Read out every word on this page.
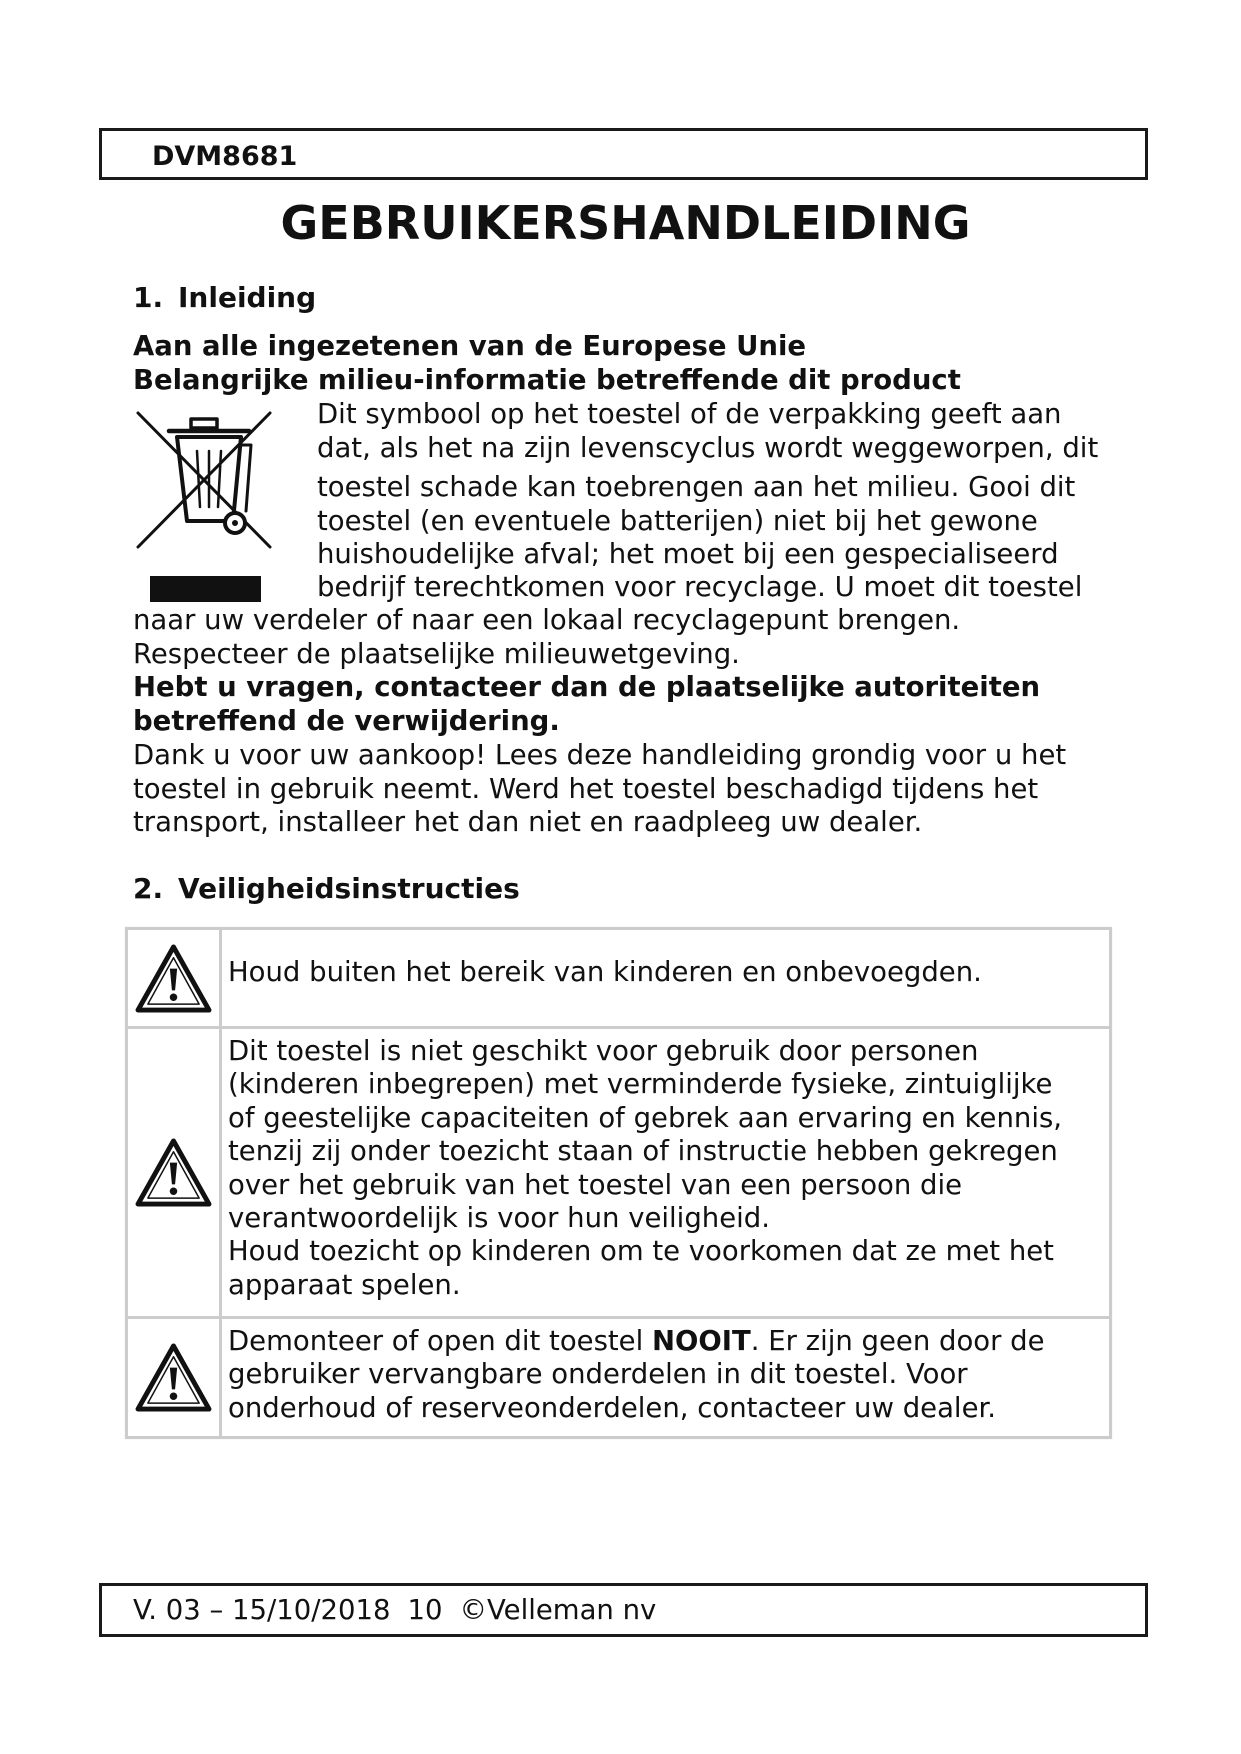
DVM8681
GEBRUIKERSHANDLEIDING
1. Inleiding
Aan alle ingezetenen van de Europese Unie
Belangrijke milieu-informatie betreffende dit product
Dit symbool op het toestel of de verpakking geeft aan
dat, als het na zijn levenscyclus wordt weggeworpen, dit
toestel schade kan toebrengen aan het milieu. Gooi dit
toestel (en eventuele batterijen) niet bij het gewone
huishoudelijke afval; het moet bij een gespecialiseerd
bedrijf terechtkomen voor recyclage. U moet dit toestel
naar uw verdeler of naar een lokaal recyclagepunt brengen.
Respecteer de plaatselijke milieuwetgeving.
Hebt u vragen, contacteer dan de plaatselijke autoriteiten
betreffend de verwijdering.
Dank u voor uw aankoop! Lees deze handleiding grondig voor u het
toestel in gebruik neemt. Werd het toestel beschadigd tijdens het
transport, installeer het dan niet en raadpleeg uw dealer.
2. Veiligheidsinstructies
Houd buiten het bereik van kinderen en onbevoegden.
Dit toestel is niet geschikt voor gebruik door personen
(kinderen inbegrepen) met verminderde fysieke, zintuiglijke
of geestelijke capaciteiten of gebrek aan ervaring en kennis,
tenzij zij onder toezicht staan of instructie hebben gekregen
over het gebruik van het toestel van een persoon die
verantwoordelijk is voor hun veiligheid.
Houd toezicht op kinderen om te voorkomen dat ze met het
apparaat spelen.
Demonteer of open dit toestel NOOIT. Er zijn geen door de
gebruiker vervangbare onderdelen in dit toestel. Voor
onderhoud of reserveonderdelen, contacteer uw dealer.
V. 03 – 15/10/2018 10 ©Velleman nv
